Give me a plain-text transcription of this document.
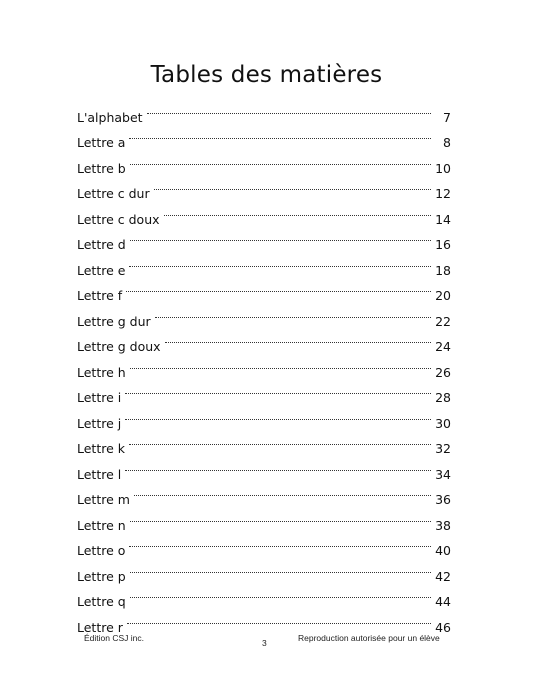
Tables des matières
L'alphabet	7
Lettre a	8
Lettre b	10
Lettre c dur	12
Lettre c doux	14
Lettre d	16
Lettre e	18
Lettre f	20
Lettre g dur	22
Lettre g doux	24
Lettre h	26
Lettre i	28
Lettre j	30
Lettre k	32
Lettre l	34
Lettre m	36
Lettre n	38
Lettre o	40
Lettre p	42
Lettre q	44
Lettre r	46
Édition CSJ inc.	3	Reproduction autorisée pour un élève
